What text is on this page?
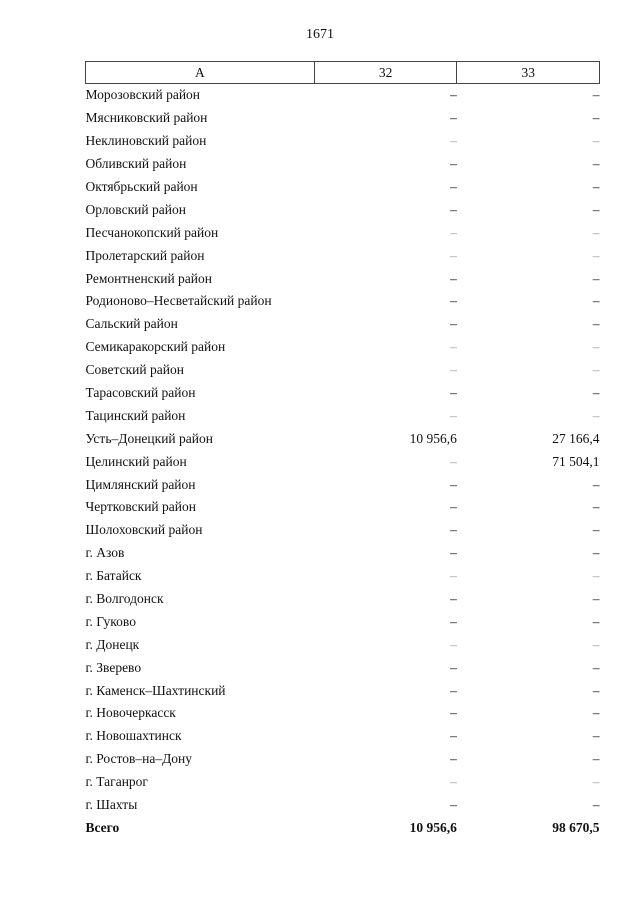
1671
А	32	33
Морозовский район	–	–
Мясниковский район	–	–
Неклиновский район	–	–
Обливский район	–	–
Октябрьский район	–	–
Орловский район	–	–
Песчанокопский район	–	–
Пролетарский район	–	–
Ремонтненский район	–	–
Родионово–Несветайский район	–	–
Сальский район	–	–
Семикаракорский район	–	–
Советский район	–	–
Тарасовский район	–	–
Тацинский район	–	–
Усть–Донецкий район	10 956,6	27 166,4
Целинский район	–	71 504,1
Цимлянский район	–	–
Чертковский район	–	–
Шолоховский район	–	–
г. Азов	–	–
г. Батайск	–	–
г. Волгодонск	–	–
г. Гуково	–	–
г. Донецк	–	–
г. Зверево	–	–
г. Каменск–Шахтинский	–	–
г. Новочеркасск	–	–
г. Новошахтинск	–	–
г. Ростов–на–Дону	–	–
г. Таганрог	–	–
г. Шахты	–	–
Всего	10 956,6	98 670,5
